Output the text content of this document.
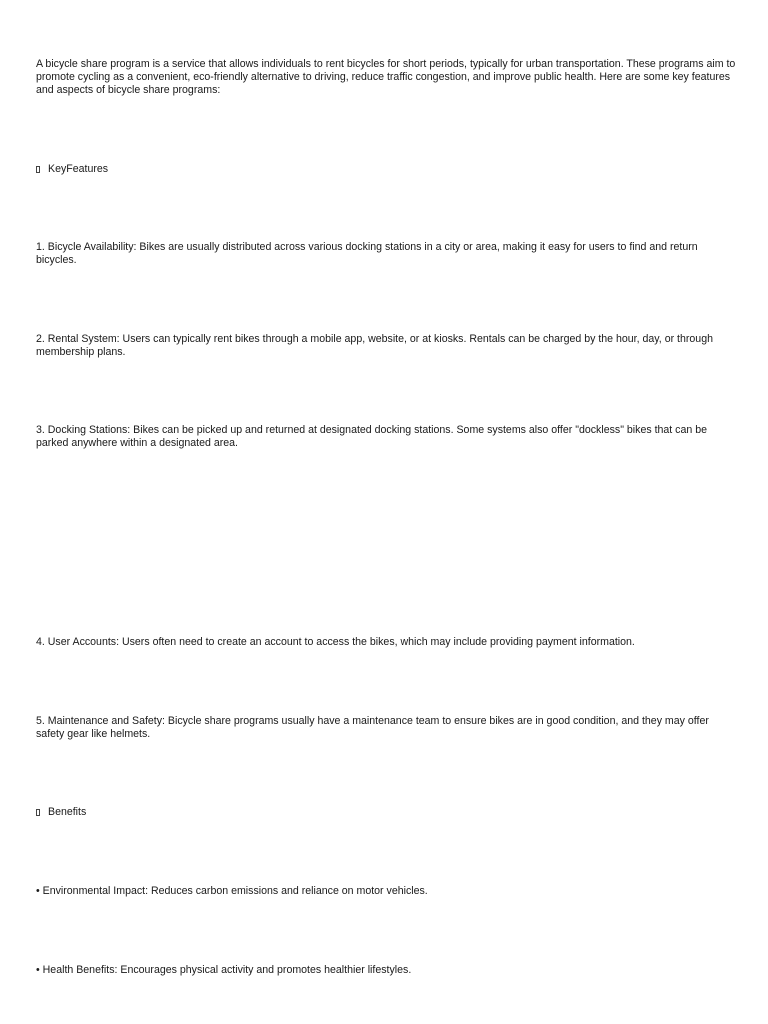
A bicycle share program is a service that allows individuals to rent bicycles for short periods, typically for urban transportation. These programs aim to promote cycling as a convenient, eco-friendly alternative to driving, reduce traffic congestion, and improve public health. Here are some key features and aspects of bicycle share programs:

KeyFeatures

1. Bicycle Availability: Bikes are usually distributed across various docking stations in a city or area, making it easy for users to find and return bicycles.

2. Rental System: Users can typically rent bikes through a mobile app, website, or at kiosks. Rentals can be charged by the hour, day, or through membership plans.

3. Docking Stations: Bikes can be picked up and returned at designated docking stations. Some systems also offer "dockless" bikes that can be parked anywhere within a designated area.

4. User Accounts: Users often need to create an account to access the bikes, which may include providing payment information.

5. Maintenance and Safety: Bicycle share programs usually have a maintenance team to ensure bikes are in good condition, and they may offer safety gear like helmets.

Benefits

• Environmental Impact: Reduces carbon emissions and reliance on motor vehicles.

• Health Benefits: Encourages physical activity and promotes healthier lifestyles.
